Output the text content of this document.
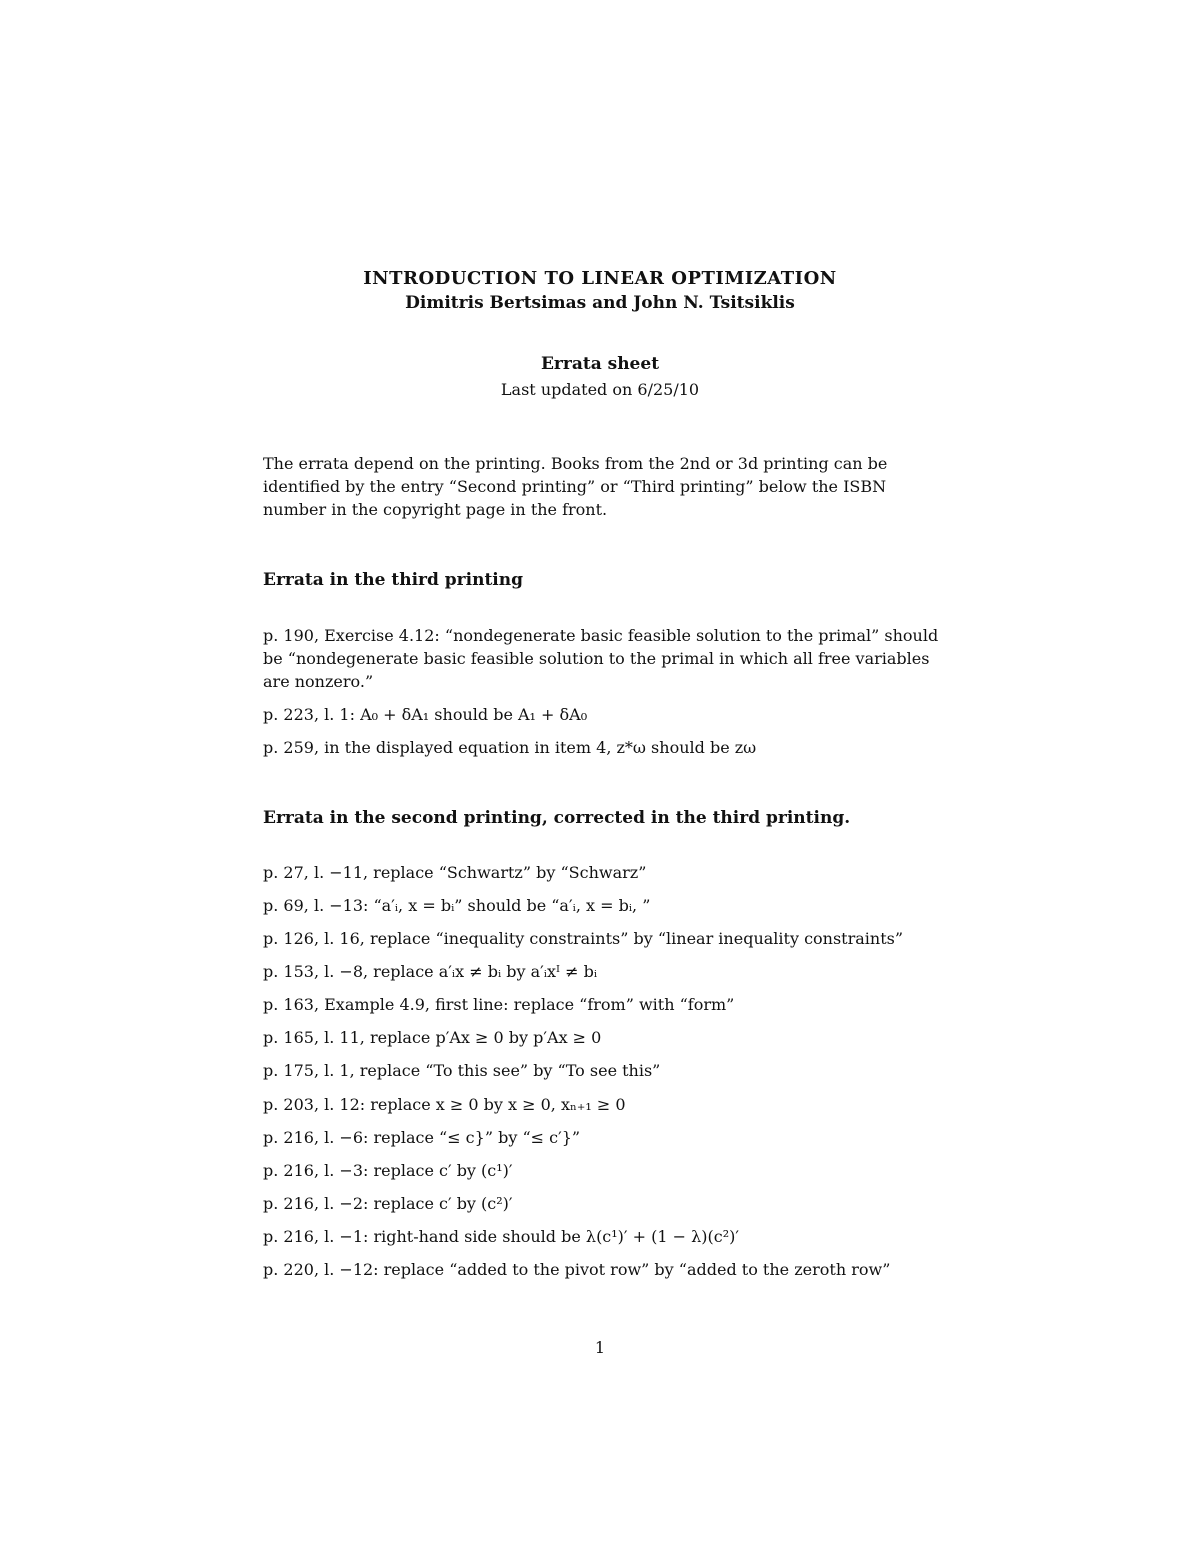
INTRODUCTION TO LINEAR OPTIMIZATION
Dimitris Bertsimas and John N. Tsitsiklis
Errata sheet
Last updated on 6/25/10
The errata depend on the printing. Books from the 2nd or 3d printing can be identified by the entry “Second printing” or “Third printing” below the ISBN number in the copyright page in the front.
Errata in the third printing
p. 190, Exercise 4.12: “nondegenerate basic feasible solution to the primal” should be “nondegenerate basic feasible solution to the primal in which all free variables are nonzero.”
p. 223, l. 1: A₀ + δA₁ should be A₁ + δA₀
p. 259, in the displayed equation in item 4, z*ω should be zω
Errata in the second printing, corrected in the third printing.
p. 27, l. −11, replace “Schwartz” by “Schwarz”
p. 69, l. −13: “a′ᵢ, x = bᵢ” should be “a′ᵢ, x = bᵢ, ”
p. 126, l. 16, replace “inequality constraints” by “linear inequality constraints”
p. 153, l. −8, replace a′ᵢx ≠ bᵢ by a′ᵢxᴵ ≠ bᵢ
p. 163, Example 4.9, first line: replace “from” with “form”
p. 165, l. 11, replace p′Ax ≥ 0 by p′Ax ≥ 0
p. 175, l. 1, replace “To this see” by “To see this”
p. 203, l. 12: replace x ≥ 0 by x ≥ 0, xₙ₊₁ ≥ 0
p. 216, l. −6: replace “≤ c}” by “≤ c′}”
p. 216, l. −3: replace c′ by (c¹)′
p. 216, l. −2: replace c′ by (c²)′
p. 216, l. −1: right-hand side should be λ(c¹)′ + (1 − λ)(c²)′
p. 220, l. −12: replace “added to the pivot row” by “added to the zeroth row”
1
